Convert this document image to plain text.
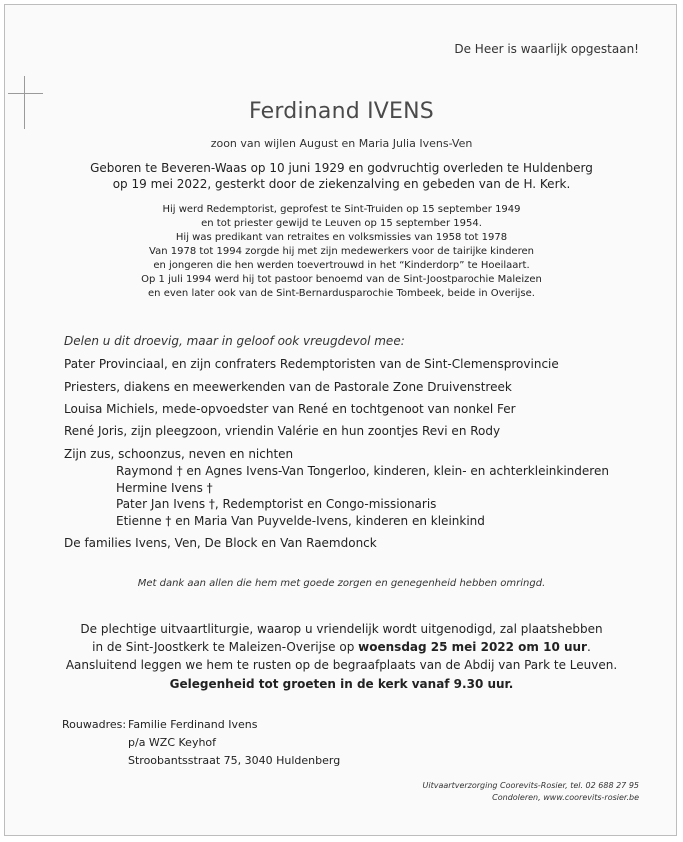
De Heer is waarlijk opgestaan!
Ferdinand IVENS
zoon van wijlen August en Maria Julia Ivens-Ven
Geboren te Beveren-Waas op 10 juni 1929 en godvruchtig overleden te Huldenberg
op 19 mei 2022, gesterkt door de ziekenzalving en gebeden van de H. Kerk.
Hij werd Redemptorist, geprofest te Sint-Truiden op 15 september 1949
en tot priester gewijd te Leuven op 15 september 1954.
Hij was predikant van retraites en volksmissies van 1958 tot 1978
Van 1978 tot 1994 zorgde hij met zijn medewerkers voor de tairijke kinderen
en jongeren die hen werden toevertrouwd in het “Kinderdorp” te Hoeilaart.
Op 1 juli 1994 werd hij tot pastoor benoemd van de Sint-Joostparochie Maleizen
en even later ook van de Sint-Bernardusparochie Tombeek, beide in Overijse.
Delen u dit droevig, maar in geloof ook vreugdevol mee:
Pater Provinciaal, en zijn confraters Redemptoristen van de Sint-Clemensprovincie
Priesters, diakens en meewerkenden van de Pastorale Zone Druivenstreek
Louisa Michiels, mede-opvoedster van René en tochtgenoot van nonkel Fer
René Joris, zijn pleegzoon, vriendin Valérie en hun zoontjes Revi en Rody
Zijn zus, schoonzus, neven en nichten
Raymond † en Agnes Ivens-Van Tongerloo, kinderen, klein- en achterkleinkinderen
Hermine Ivens †
Pater Jan Ivens †, Redemptorist en Congo-missionaris
Etienne † en Maria Van Puyvelde-Ivens, kinderen en kleinkind
De families Ivens, Ven, De Block en Van Raemdonck
Met dank aan allen die hem met goede zorgen en genegenheid hebben omringd.
De plechtige uitvaartliturgie, waarop u vriendelijk wordt uitgenodigd, zal plaatshebben
in de Sint-Joostkerk te Maleizen-Overijse op woensdag 25 mei 2022 om 10 uur.
Aansluitend leggen we hem te rusten op de begraafplaats van de Abdij van Park te Leuven.
Gelegenheid tot groeten in de kerk vanaf 9.30 uur.
Rouwadres: Familie Ferdinand Ivens
p/a WZC Keyhof
Stroobantsstraat 75, 3040 Huldenberg
Uitvaartverzorging Coorevits-Rosier, tel. 02 688 27 95
Condoleren, www.coorevits-rosier.be
